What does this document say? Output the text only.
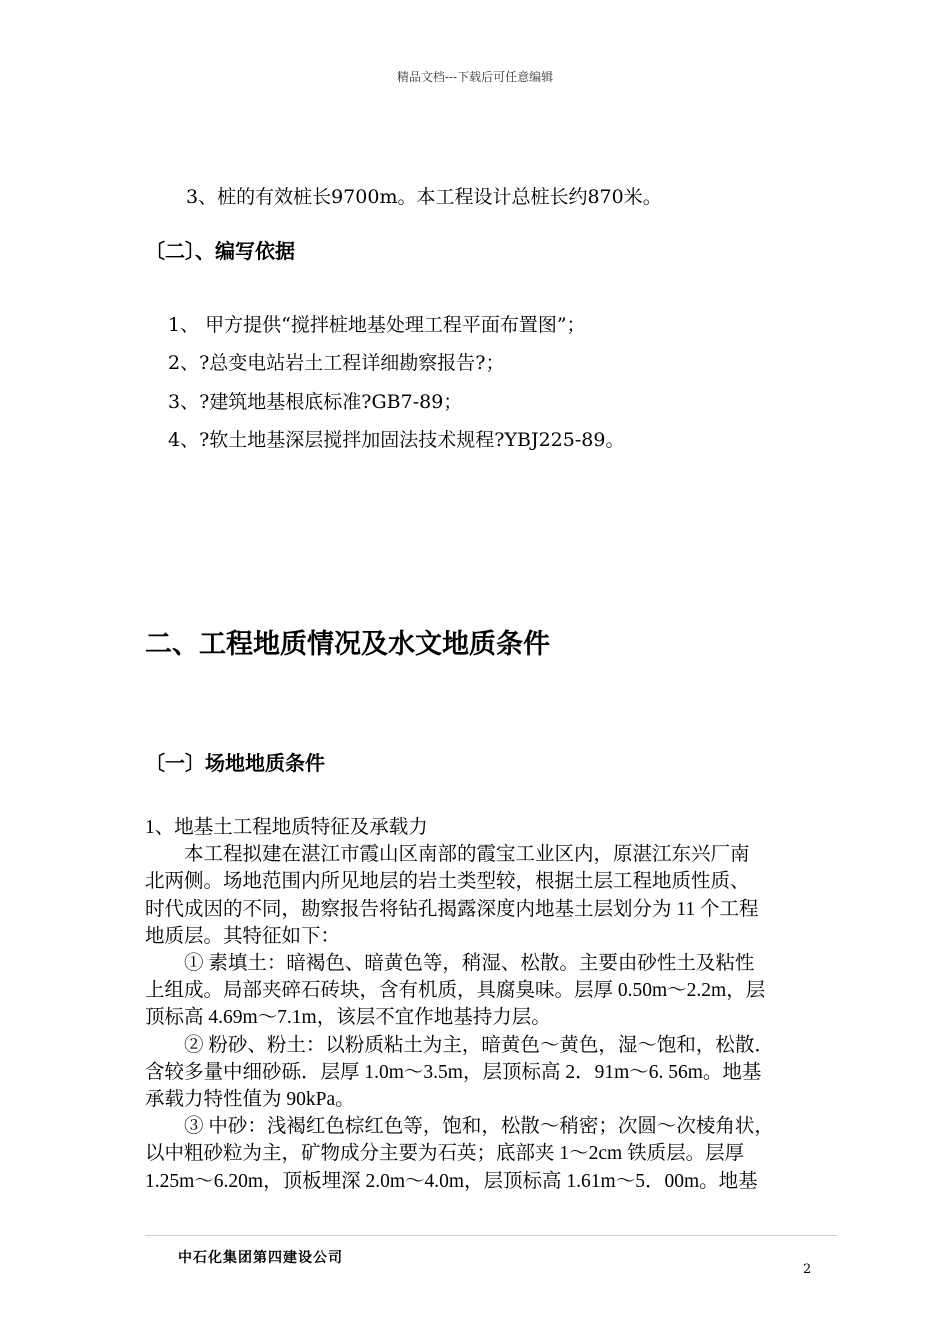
精品文档---下载后可任意编辑
3、桩的有效桩长9700m。本工程设计总桩长约870米。
〔二〕、编写依据
1、 甲方提供“搅拌桩地基处理工程平面布置图”；
2、?总变电站岩土工程详细勘察报告?；
3、?建筑地基根底标准?GB7-89；
4、?软土地基深层搅拌加固法技术规程?YBJ225-89。
二、工程地质情况及水文地质条件
〔一〕场地地质条件

1、地基土工程地质特征及承载力

　　本工程拟建在湛江市霞山区南部的霞宝工业区内，原湛江东兴厂南

北两侧。场地范围内所见地层的岩土类型较，根据土层工程地质性质、

时代成因的不同，勘察报告将钻孔揭露深度内地基土层划分为 11 个工程

地质层。其特征如下：

　　① 素填土：暗褐色、暗黄色等，稍湿、松散。主要由砂性土及粘性

上组成。局部夹碎石砖块，含有机质，具腐臭味。层厚 0.50m～2.2m，层

顶标高 4.69m～7.1m，该层不宜作地基持力层。

　　② 粉砂、粉土：以粉质粘土为主，暗黄色～黄色，湿～饱和，松散．

含较多量中细砂砾．层厚 1.0m～3.5m，层顶标高 2．91m～6. 56m。地基

承载力特性值为 90kPa。

　　③ 中砂：浅褐红色棕红色等，饱和，松散～稍密；次圆～次棱角状，

以中粗砂粒为主，矿物成分主要为石英；底部夹 1～2cm 铁质层。层厚

1.25m～6.20m，顶板埋深 2.0m～4.0m，层顶标高 1.61m～5．00m。地基

中石化集团第四建设公司
2
